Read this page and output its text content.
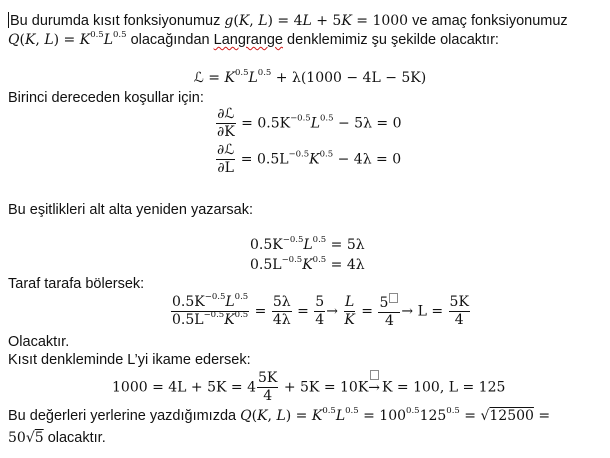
Bu durumda kısıt fonksiyonumuz g(K, L) = 4L + 5K = 1000 ve amaç fonksiyonumuz
Q(K, $L) = K^{0.5}L^{0.5}$ olacağından Langrange denklemimiz şu şekilde olacaktır:
ℒ = $K^{0.5}L^{0.5} + \lambda(1000 - 4L - 5K)$
Birinci dereceden koşullar için:
$\frac{\text{∂ℒ}}{\partial K} = 0.5K^{-0.5}L^{0.5} - 5\lambda = 0$
$\frac{\text{∂ℒ}}{\partial L} = 0.5L^{-0.5}K^{0.5} - 4\lambda = 0$
Bu eşitlikleri alt alta yeniden yazarsak:
$0.5K^{-0.5}L^{0.5} = 5\lambda$
$0.5L^{-0.5}K^{0.5} = 4\lambda$
Taraf tarafa bölersek:
$\frac{0.5K^{-0.5}L^{0.5}}{0.5L^{-0.5}K^{0.5}} = \frac{5\lambda}{4\lambda} = \frac{5}{4} \to \frac{L}{K} = \frac{5}{4} \to L = \frac{5K}{4}$
Olacaktır.
Kısıt denkleminde L’yi ikame edersek:
$1000 = 4L + 5K = 4 \frac{5K}{4} + 5K = 10K\to K = 100$, L = 125
Bu değerleri yerlerine yazdığımızda Q(K, $L) = K^{0.5}L^{0.5} = 100^{0.5}125^{0.5} = √12500$ =
50√5 olacaktır.
